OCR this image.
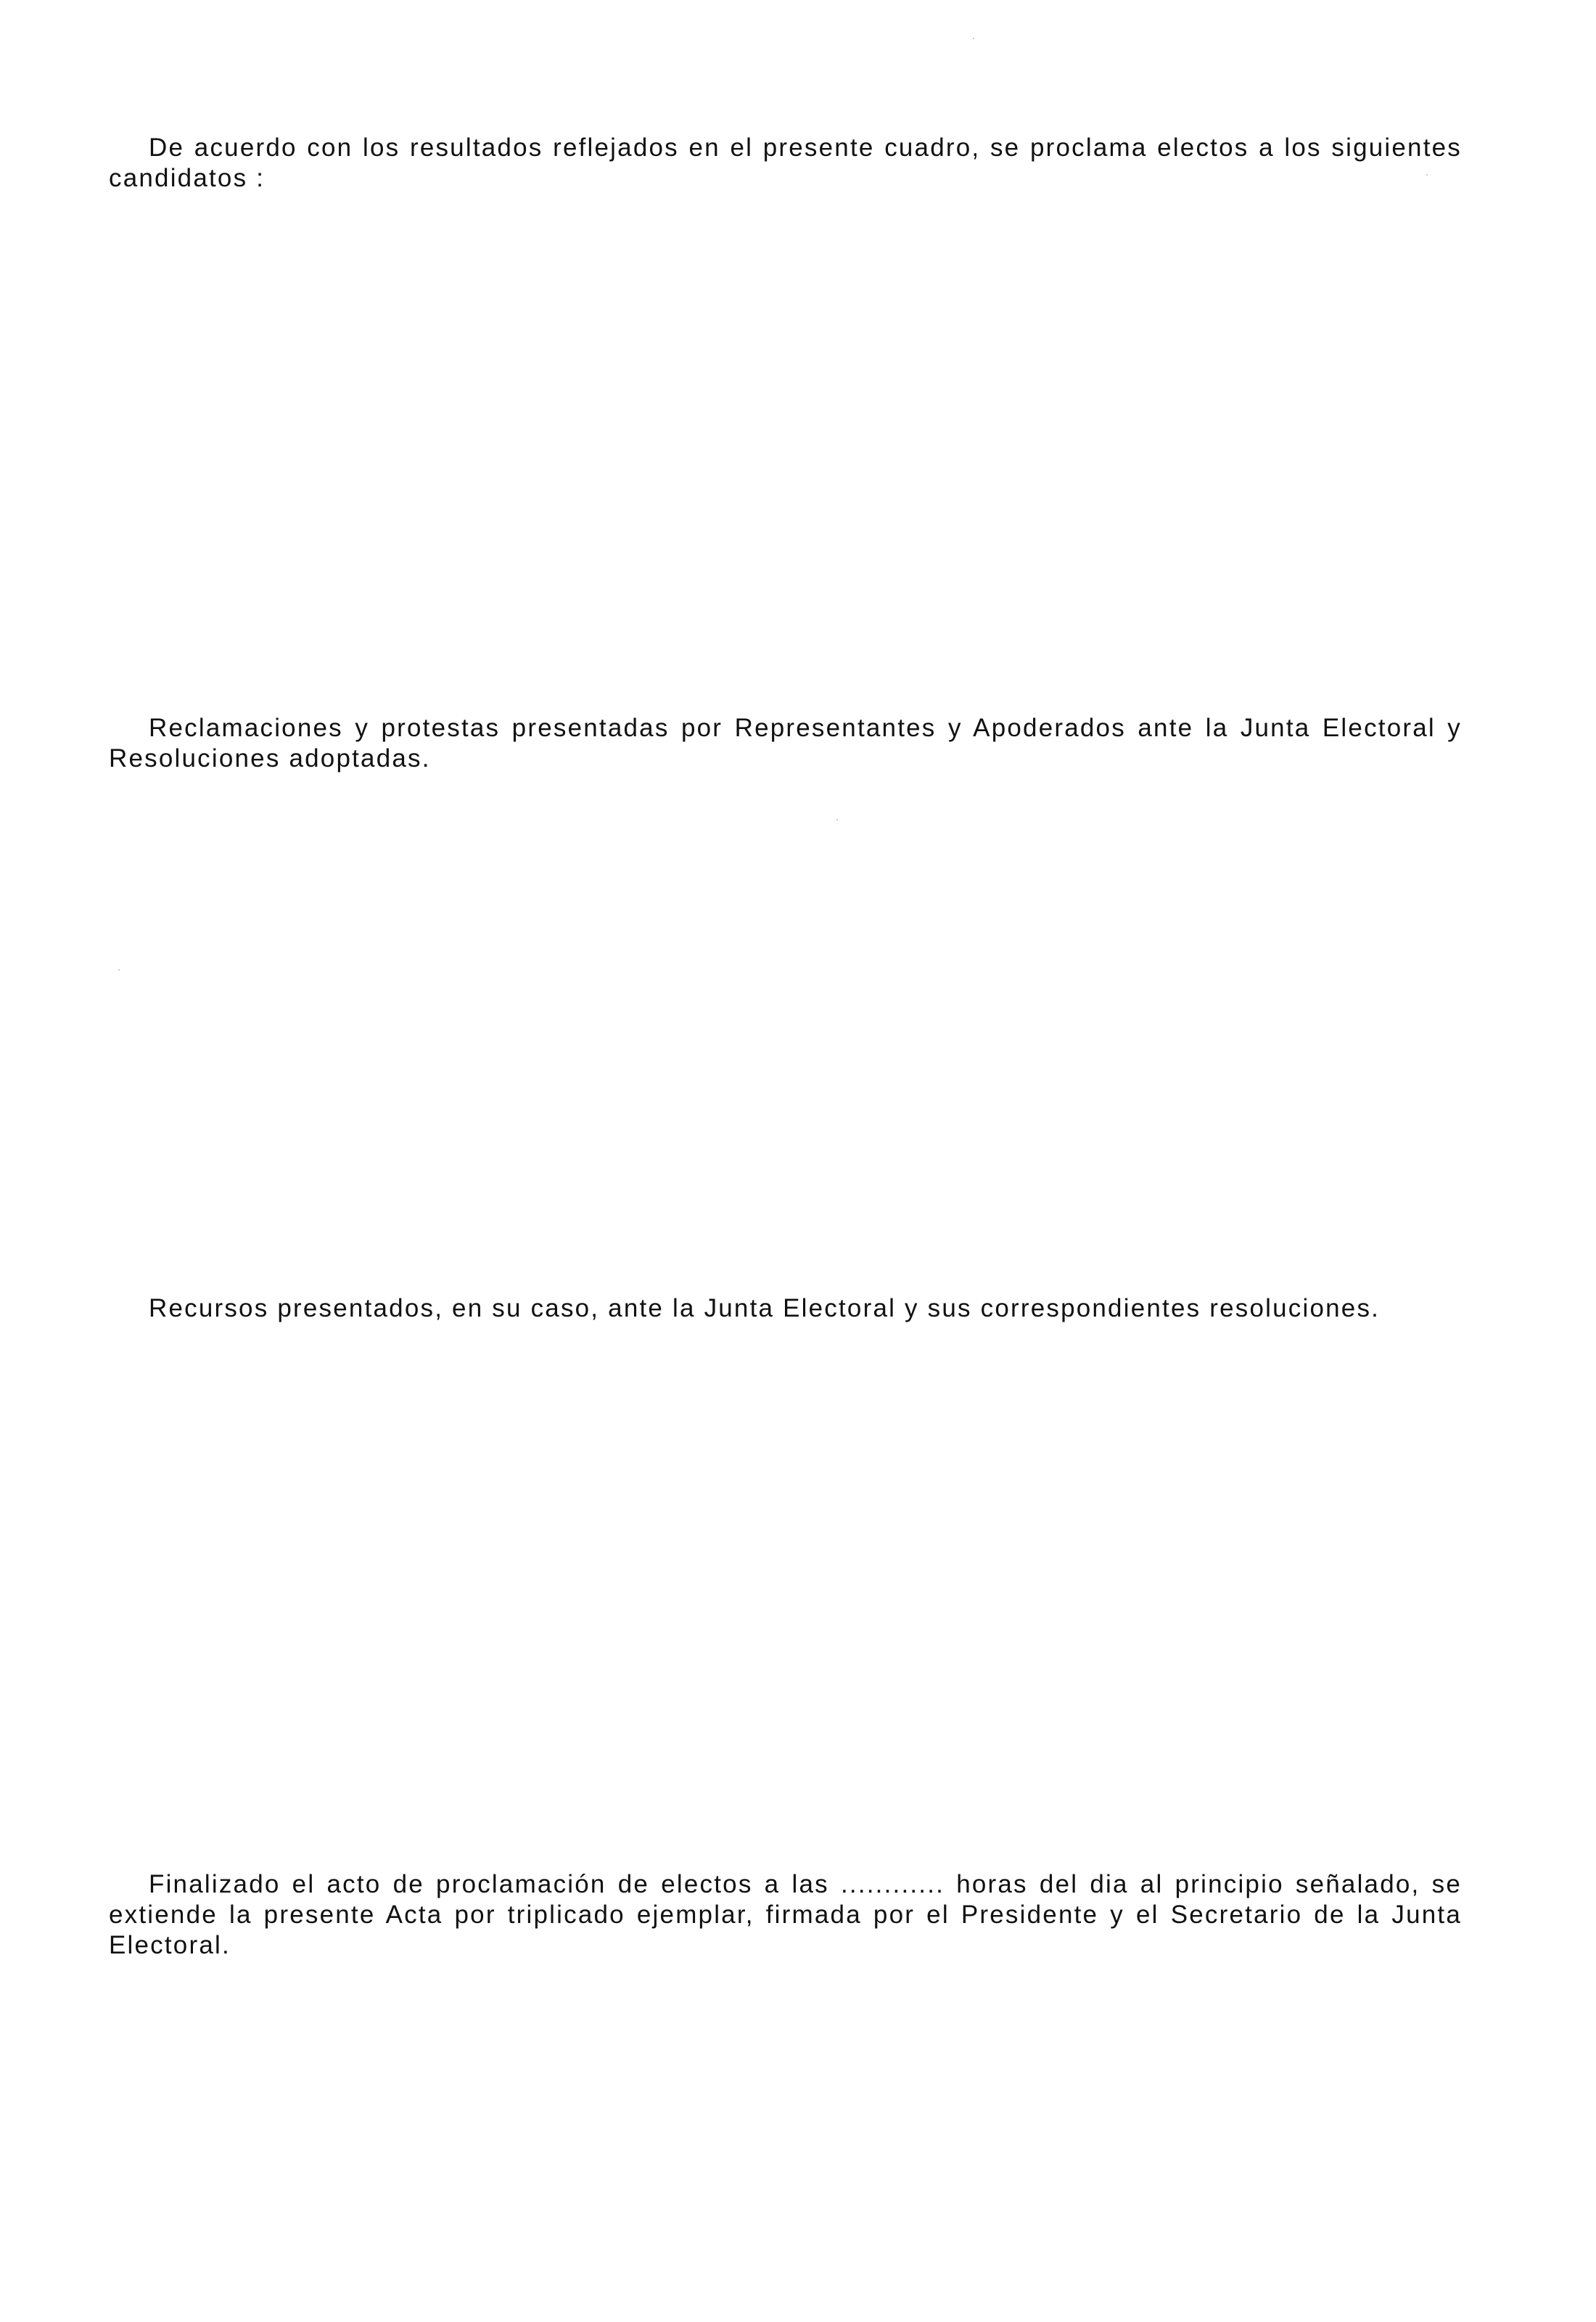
De acuerdo con los resultados reflejados en el presente cuadro, se proclama electos a los siguientes candidatos :

Reclamaciones y protestas presentadas por Representantes y Apoderados ante la Junta Electoral y Resoluciones adoptadas.

Recursos presentados, en su caso, ante la Junta Electoral y sus correspondientes resoluciones.

Finalizado el acto de proclamación de electos a las ............ horas del dia al principio señalado, se extiende la presente Acta por triplicado ejemplar, firmada por el Presidente y el Secretario de la Junta Electoral.
